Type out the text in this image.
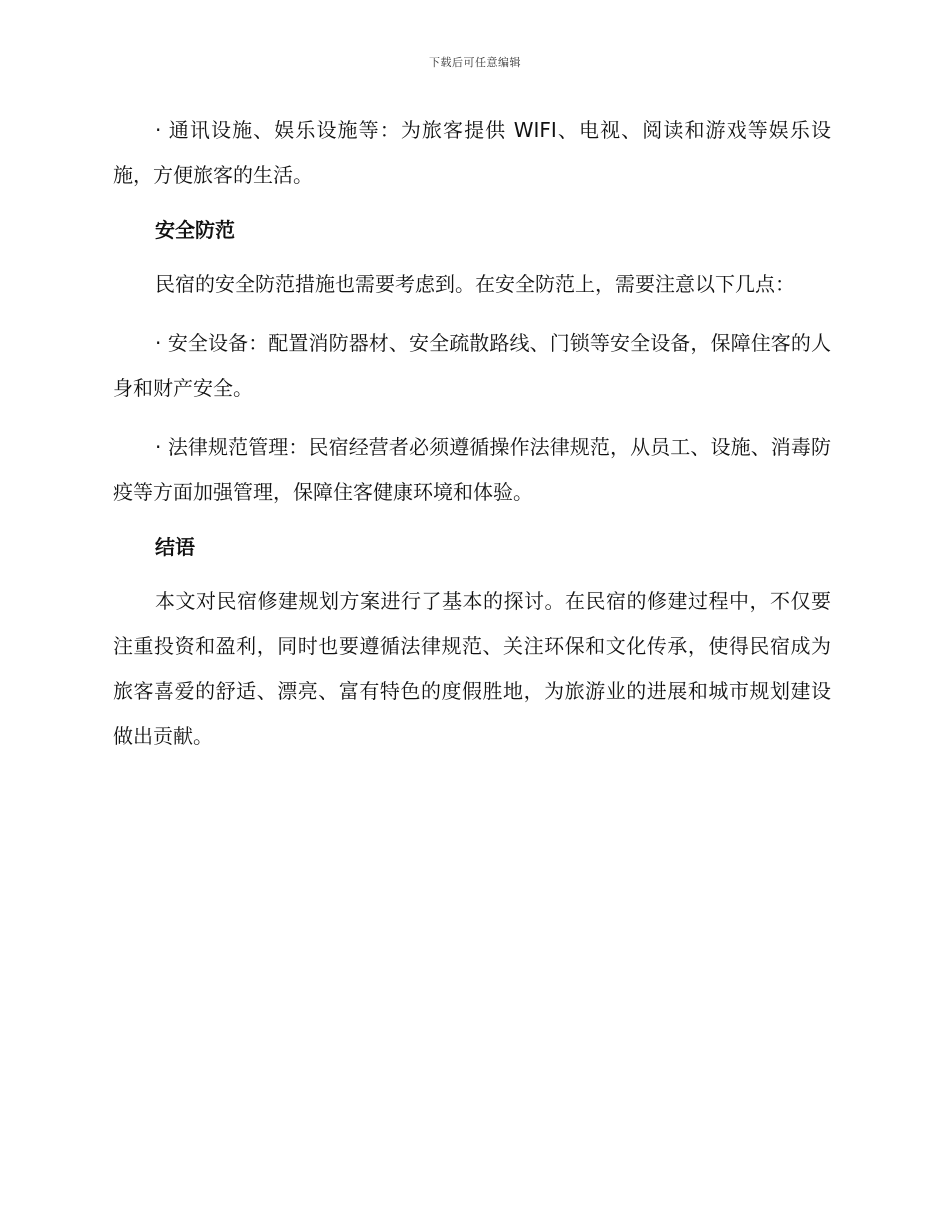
下载后可任意编辑

· 通讯设施、娱乐设施等：为旅客提供 WIFI、电视、阅读和游戏等娱乐设施，方便旅客的生活。

安全防范

民宿的安全防范措施也需要考虑到。在安全防范上，需要注意以下几点：

· 安全设备：配置消防器材、安全疏散路线、门锁等安全设备，保障住客的人身和财产安全。

· 法律规范管理：民宿经营者必须遵循操作法律规范，从员工、设施、消毒防疫等方面加强管理，保障住客健康环境和体验。

结语

本文对民宿修建规划方案进行了基本的探讨。在民宿的修建过程中，不仅要注重投资和盈利，同时也要遵循法律规范、关注环保和文化传承，使得民宿成为旅客喜爱的舒适、漂亮、富有特色的度假胜地，为旅游业的进展和城市规划建设做出贡献。
